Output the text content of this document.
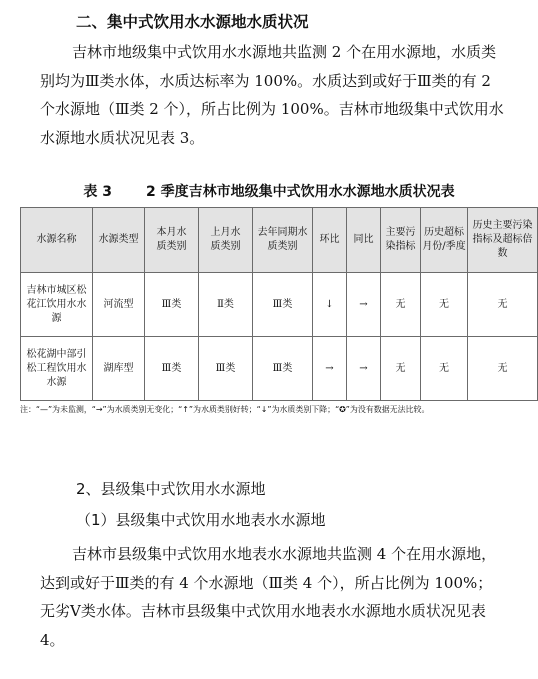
二、集中式饮用水水源地水质状况

吉林市地级集中式饮用水水源地共监测 2 个在用水源地，水质类
别均为Ⅲ类水体，水质达标率为 100%。水质达到或好于Ⅲ类的有 2
个水源地（Ⅲ类 2 个），所占比例为 100%。吉林市地级集中式饮用水
水源地水质状况见表 3。

表 3 2 季度吉林市地级集中式饮用水水源地水质状况表
水源名称	水源类型	本月水质类别	上月水质类别	去年同期水质类别	环比	同比	主要污染指标	历史超标月份/季度	历史主要污染指标及超标倍数
吉林市城区松花江饮用水水源	河流型	Ⅲ类	Ⅱ类	Ⅲ类	↓	→	无	无	无
松花湖中部引松工程饮用水水源	湖库型	Ⅲ类	Ⅲ类	Ⅲ类	→	→	无	无	无
注：“—”为未监测，“→”为水质类别无变化；“↑”为水质类别好转；“↓”为水质类别下降；“✪”为没有数据无法比较。
2、县级集中式饮用水水源地
（1）县级集中式饮用水地表水水源地

吉林市县级集中式饮用水地表水水源地共监测 4 个在用水源地，
达到或好于Ⅲ类的有 4 个水源地（Ⅲ类 4 个），所占比例为 100%；
无劣Ⅴ类水体。吉林市县级集中式饮用水地表水水源地水质状况见表
4。
